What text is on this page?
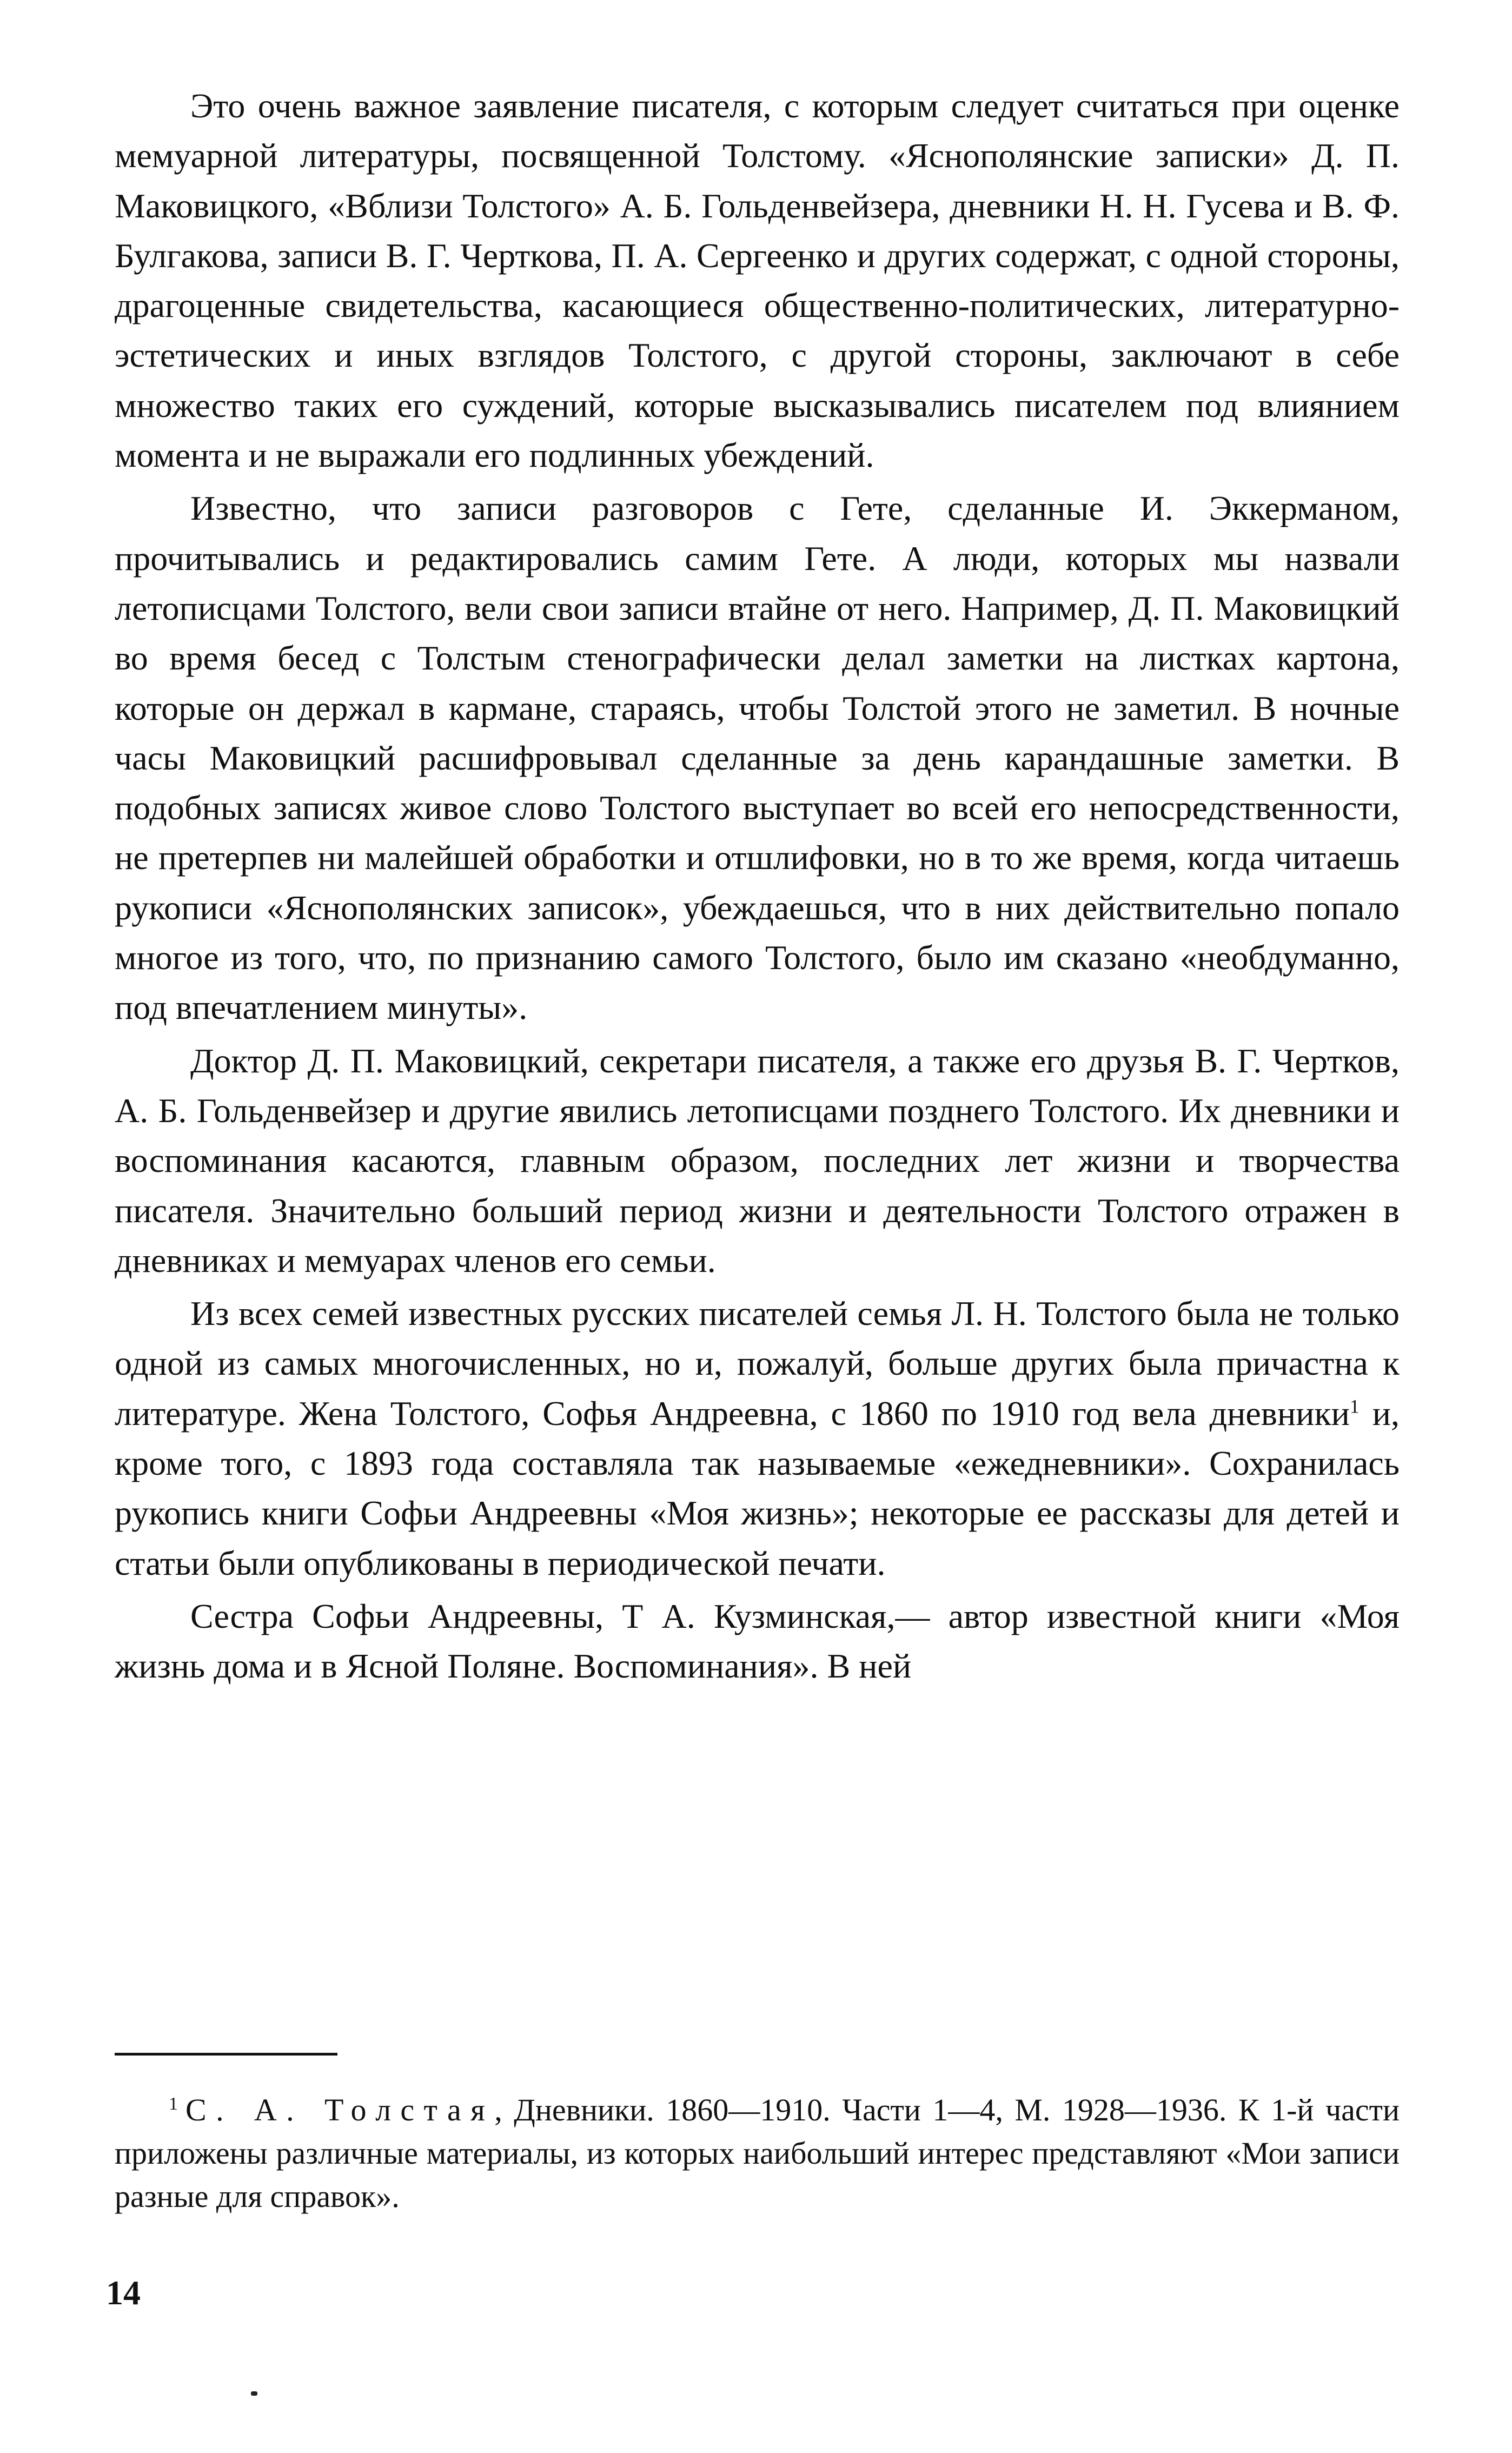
Это очень важное заявление писателя, с которым следует считаться при оценке мемуарной литературы, посвященной Толстому. «Яснополянские записки» Д. П. Маковицкого, «Вблизи Толстого» А. Б. Гольденвейзера, дневники Н. Н. Гусева и В. Ф. Булгакова, записи В. Г. Черткова, П. А. Сергеенко и других содержат, с одной стороны, драгоценные свидетельства, касающиеся общественно-политических, литературно-эстетических и иных взглядов Толстого, с другой стороны, заключают в себе множество таких его суждений, которые высказывались писателем под влиянием момента и не выражали его подлинных убеждений.

Известно, что записи разговоров с Гете, сделанные И. Эккерманом, прочитывались и редактировались самим Гете. А люди, которых мы назвали летописцами Толстого, вели свои записи втайне от него. Например, Д. П. Маковицкий во время бесед с Толстым стенографически делал заметки на листках картона, которые он держал в кармане, стараясь, чтобы Толстой этого не заметил. В ночные часы Маковицкий расшифровывал сделанные за день карандашные заметки. В подобных записях живое слово Толстого выступает во всей его непосредственности, не претерпев ни малейшей обработки и отшлифовки, но в то же время, когда читаешь рукописи «Яснополянских записок», убеждаешься, что в них действительно попало многое из того, что, по признанию самого Толстого, было им сказано «необдуманно, под впечатлением минуты».

Доктор Д. П. Маковицкий, секретари писателя, а также его друзья В. Г. Чертков, А. Б. Гольденвейзер и другие явились летописцами позднего Толстого. Их дневники и воспоминания касаются, главным образом, последних лет жизни и творчества писателя. Значительно больший период жизни и деятельности Толстого отражен в дневниках и мемуарах членов его семьи.

Из всех семей известных русских писателей семья Л. Н. Толстого была не только одной из самых многочисленных, но и, пожалуй, больше других была причастна к литературе. Жена Толстого, Софья Андреевна, с 1860 по 1910 год вела дневники$^1$ и, кроме того, с 1893 года составляла так называемые «ежедневники». Сохранилась рукопись книги Софьи Андреевны «Моя жизнь»; некоторые ее рассказы для детей и статьи были опубликованы в периодической печати.

Сестра Софьи Андреевны, Т А. Кузминская,— автор известной книги «Моя жизнь дома и в Ясной Поляне. Воспоминания». В ней

$^1$ С. А. Толстая, Дневники. 1860—1910. Части 1—4, М. 1928—1936. К 1-й части приложены различные материалы, из которых наибольший интерес представляют «Мои записи разные для справок».

14
